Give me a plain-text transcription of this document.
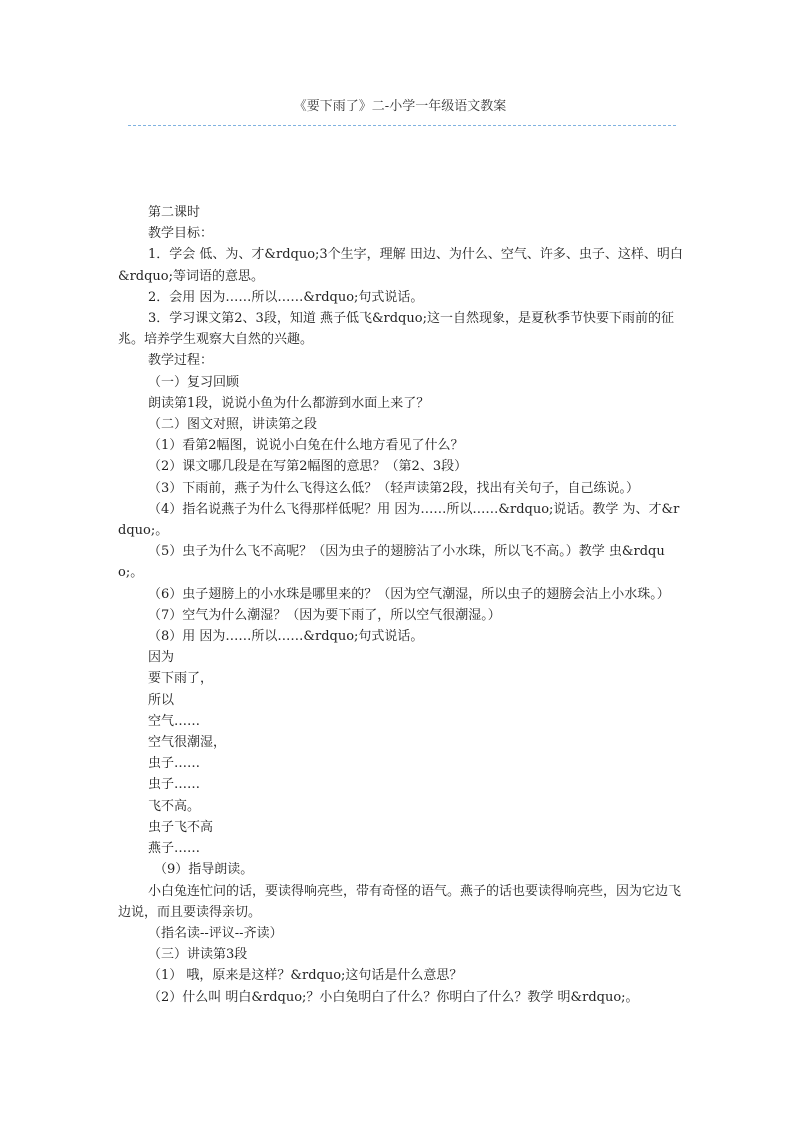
《要下雨了》二-小学一年级语文教案

第二课时

教学目标：

1．学会 低、为、才&rdquo;3个生字，理解 田边、为什么、空气、许多、虫子、这样、明白&rdquo;等词语的意思。

2．会用 因为……所以……&rdquo;句式说话。

3．学习课文第2、3段，知道 燕子低飞&rdquo;这一自然现象，是夏秋季节快要下雨前的征兆。培养学生观察大自然的兴趣。

教学过程：

（一）复习回顾

朗读第1段，说说小鱼为什么都游到水面上来了？

（二）图文对照，讲读第之段

（1）看第2幅图，说说小白兔在什么地方看见了什么？

（2）课文哪几段是在写第2幅图的意思？（第2、3段）

（3）下雨前，燕子为什么飞得这么低？（轻声读第2段，找出有关句子，自己练说。）

（4）指名说燕子为什么飞得那样低呢？用 因为……所以……&rdquo;说话。教学 为、才&rdquo;。

（5）虫子为什么飞不高呢？（因为虫子的翅膀沾了小水珠，所以飞不高。）教学 虫&rdquo;。

（6）虫子翅膀上的小水珠是哪里来的？（因为空气潮湿，所以虫子的翅膀会沾上小水珠。）

（7）空气为什么潮湿？（因为要下雨了，所以空气很潮湿。）

（8）用 因为……所以……&rdquo;句式说话。

因为

要下雨了，

所以

空气……

空气很潮湿，

虫子……

虫子……

飞不高。

虫子飞不高

燕子……

（9）指导朗读。

小白兔连忙问的话，要读得响亮些，带有奇怪的语气。燕子的话也要读得响亮些，因为它边飞边说，而且要读得亲切。

（指名读--评议--齐读）

（三）讲读第3段

（1） 哦，原来是这样？&rdquo;这句话是什么意思？

（2）什么叫 明白&rdquo;？小白兔明白了什么？你明白了什么？教学 明&rdquo;。
